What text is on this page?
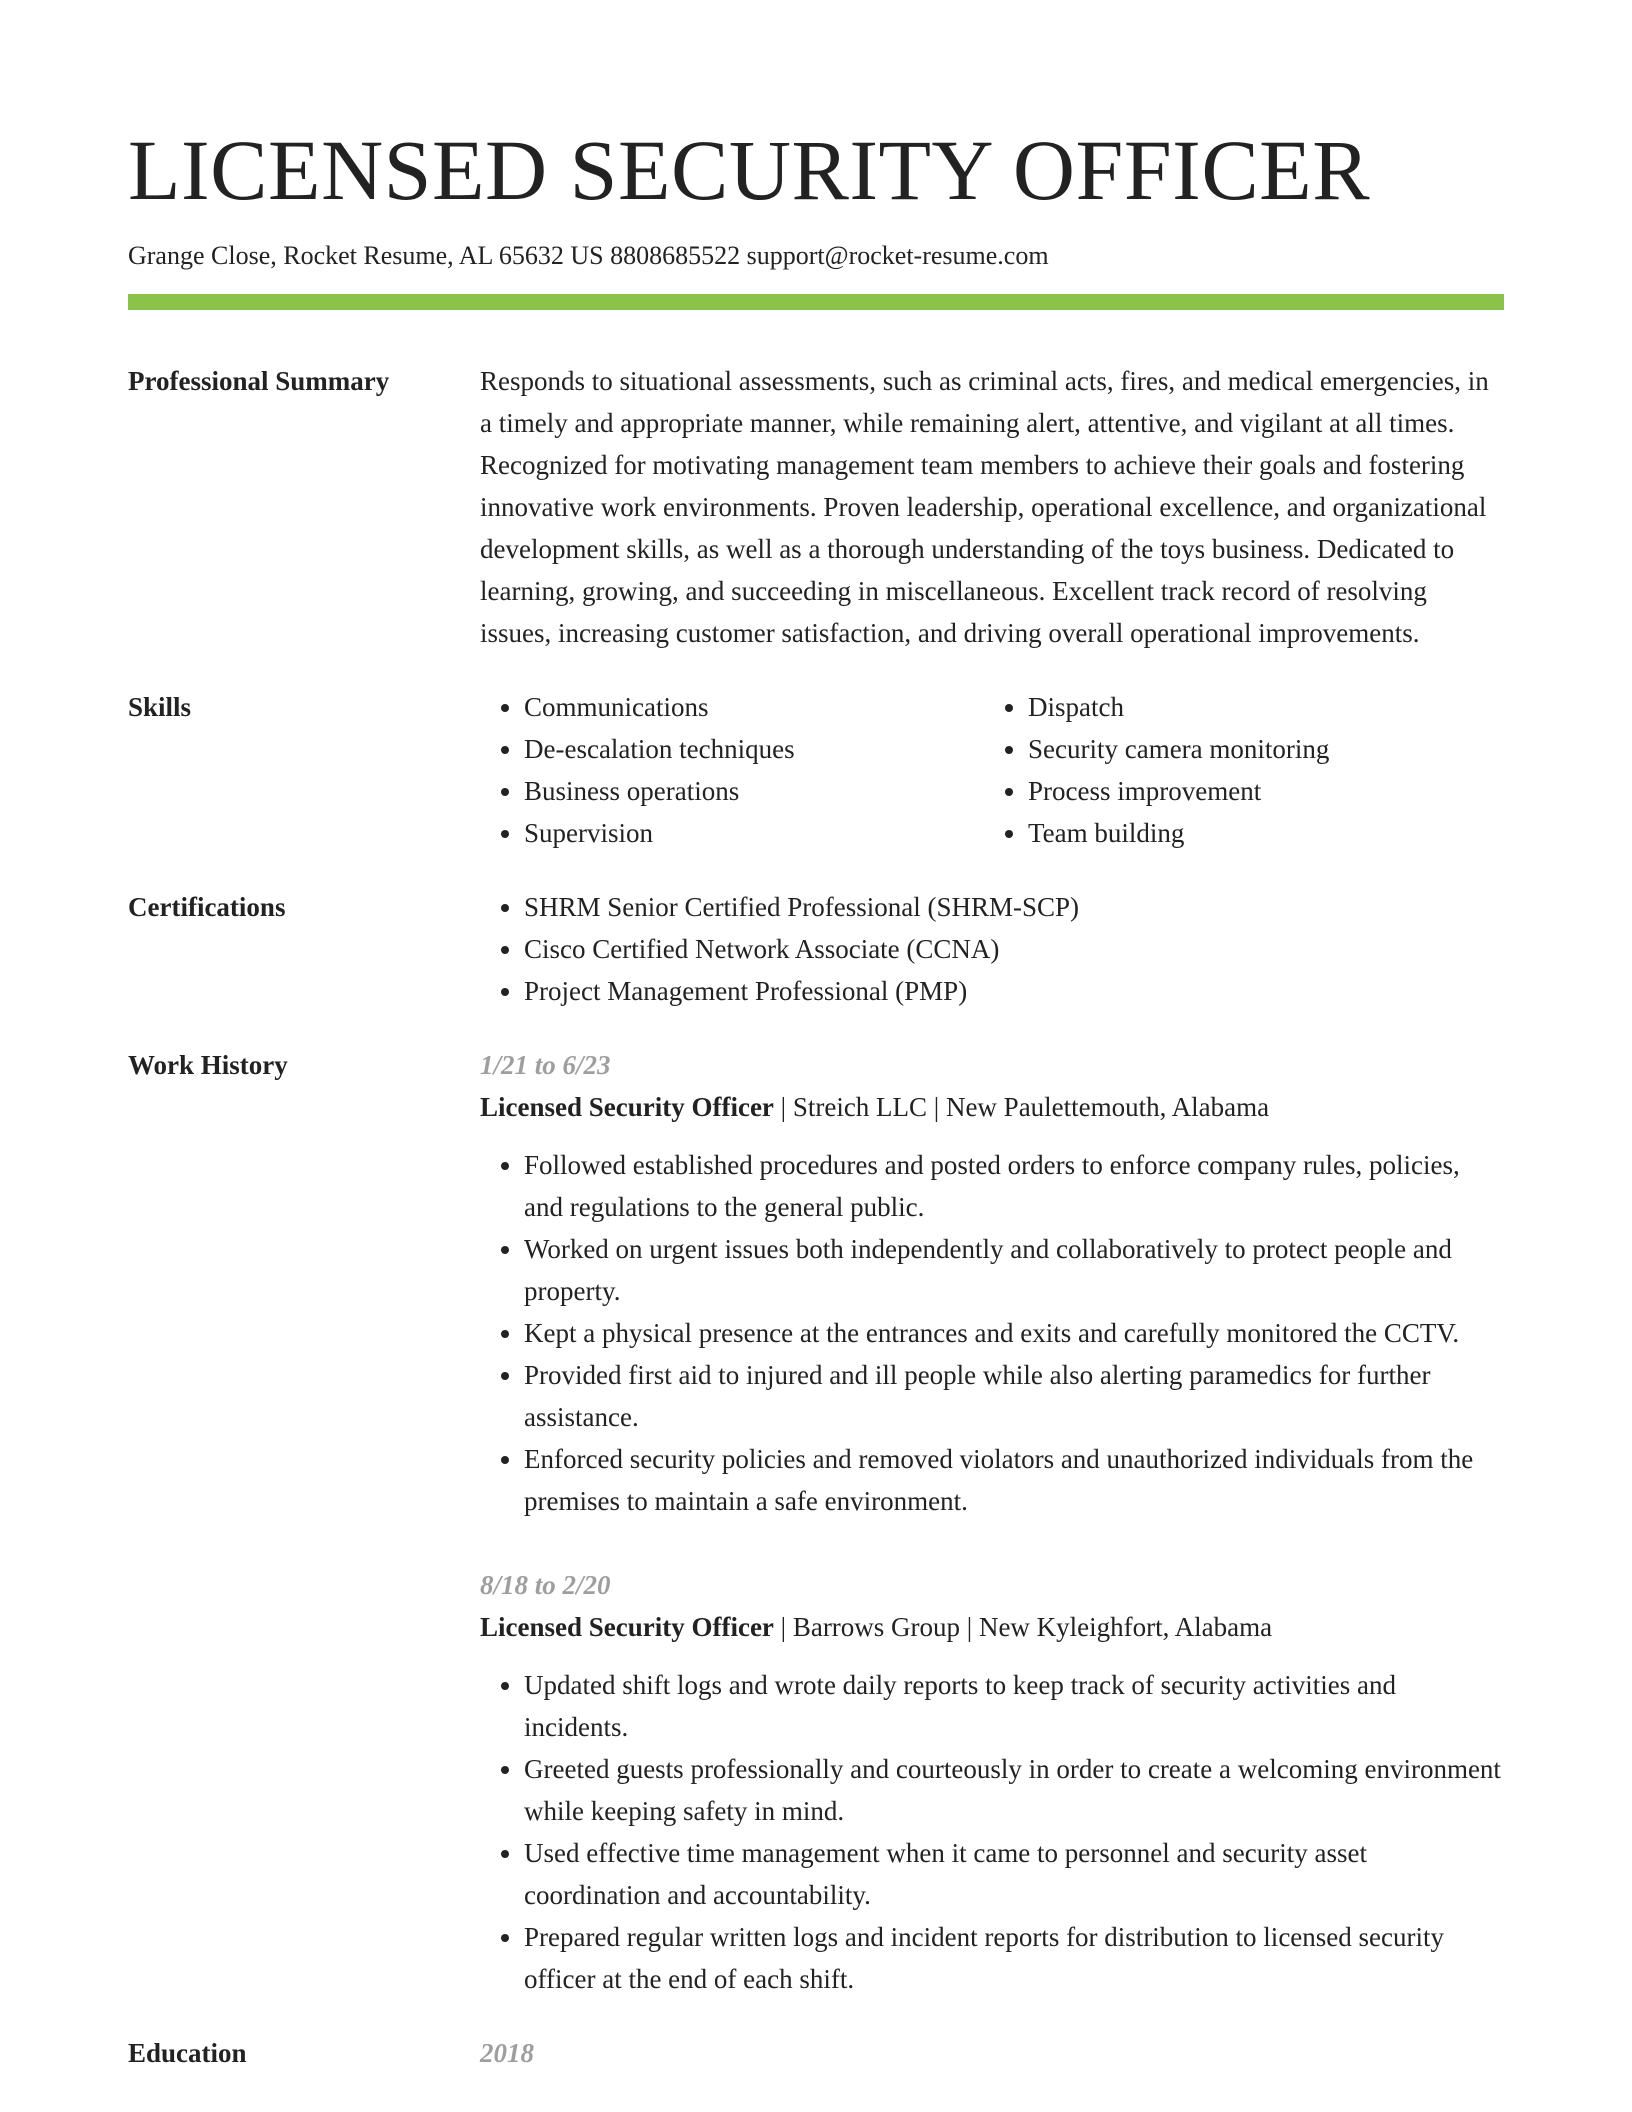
LICENSED SECURITY OFFICER
Grange Close, Rocket Resume, AL 65632 US 8808685522 support@rocket-resume.com
Professional Summary	Responds to situational assessments, such as criminal acts, fires, and medical emergencies, in a timely and appropriate manner, while remaining alert, attentive, and vigilant at all times. Recognized for motivating management team members to achieve their goals and fostering innovative work environments. Proven leadership, operational excellence, and organizational development skills, as well as a thorough understanding of the toys business. Dedicated to learning, growing, and succeeding in miscellaneous. Excellent track record of resolving issues, increasing customer satisfaction, and driving overall operational improvements.

Skills	• Communications
• De-escalation techniques
• Business operations
• Supervision
• Dispatch
• Security camera monitoring
• Process improvement
• Team building
Certifications	• SHRM Senior Certified Professional (SHRM-SCP)
• Cisco Certified Network Associate (CCNA)
• Project Management Professional (PMP)
Work History	1/21 to 6/23
Licensed Security Officer | Streich LLC | New Paulettemouth, Alabama
• Followed established procedures and posted orders to enforce company rules, policies, and regulations to the general public.
• Worked on urgent issues both independently and collaboratively to protect people and property.
• Kept a physical presence at the entrances and exits and carefully monitored the CCTV.
• Provided first aid to injured and ill people while also alerting paramedics for further assistance.
• Enforced security policies and removed violators and unauthorized individuals from the premises to maintain a safe environment.
8/18 to 2/20
Licensed Security Officer | Barrows Group | New Kyleighfort, Alabama
• Updated shift logs and wrote daily reports to keep track of security activities and incidents.
• Greeted guests professionally and courteously in order to create a welcoming environment while keeping safety in mind.
• Used effective time management when it came to personnel and security asset coordination and accountability.
• Prepared regular written logs and incident reports for distribution to licensed security officer at the end of each shift.
Education	2018
